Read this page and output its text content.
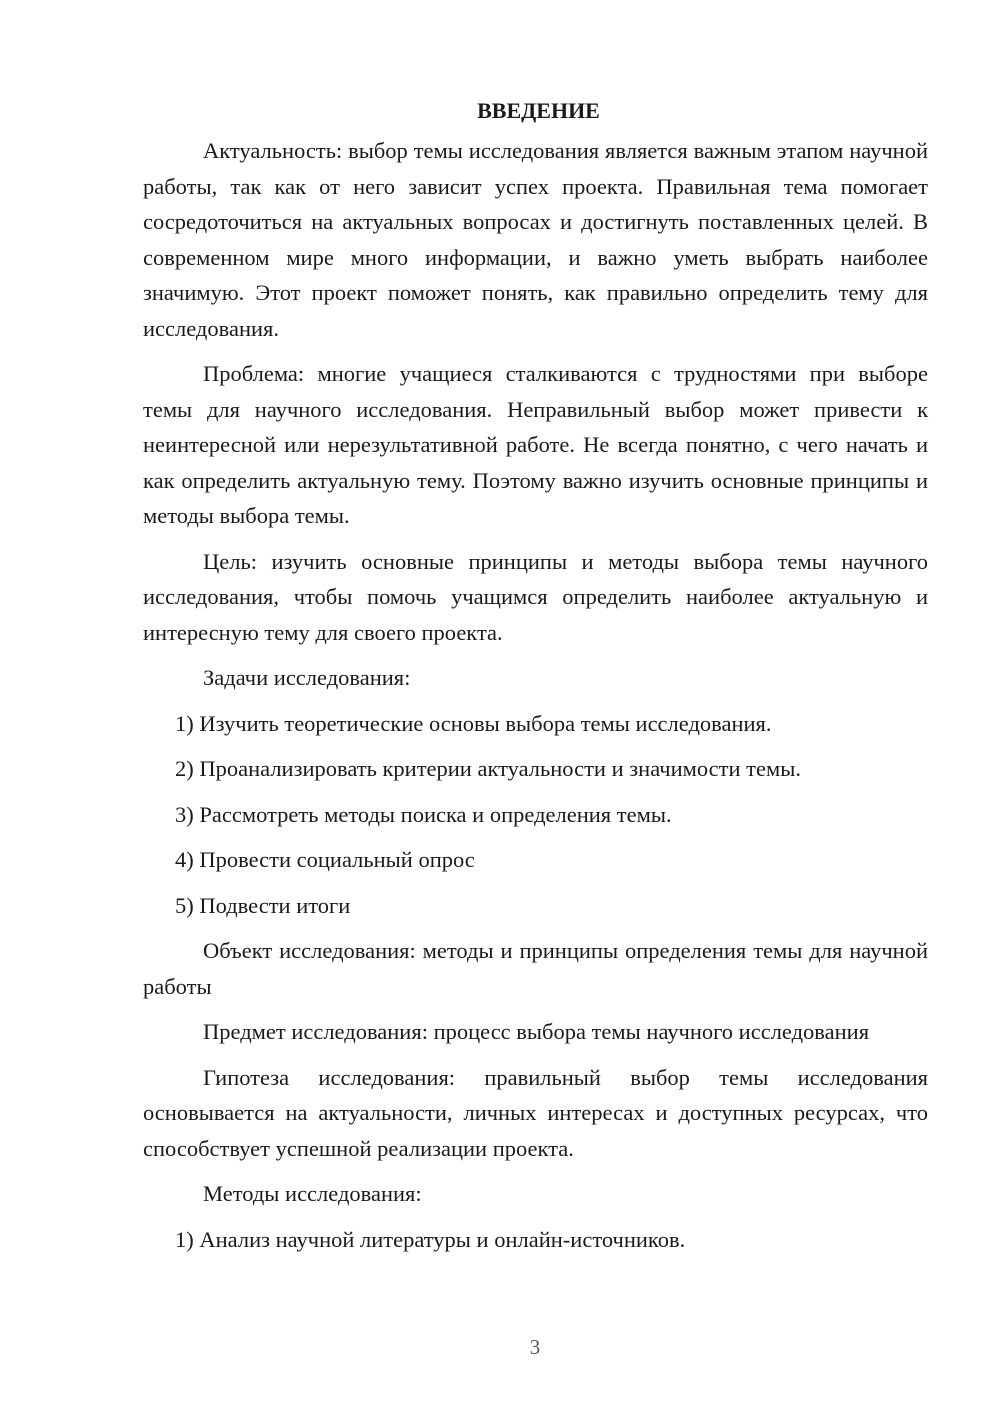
ВВЕДЕНИЕ

Актуальность: выбор темы исследования является важным этапом научной работы, так как от него зависит успех проекта. Правильная тема помогает сосредоточиться на актуальных вопросах и достигнуть поставленных целей. В современном мире много информации, и важно уметь выбрать наиболее значимую. Этот проект поможет понять, как правильно определить тему для исследования.

Проблема: многие учащиеся сталкиваются с трудностями при выборе темы для научного исследования. Неправильный выбор может привести к неинтересной или нерезультативной работе. Не всегда понятно, с чего начать и как определить актуальную тему. Поэтому важно изучить основные принципы и методы выбора темы.

Цель: изучить основные принципы и методы выбора темы научного исследования, чтобы помочь учащимся определить наиболее актуальную и интересную тему для своего проекта.

Задачи исследования:

1) Изучить теоретические основы выбора темы исследования.
2) Проанализировать критерии актуальности и значимости темы.
3) Рассмотреть методы поиска и определения темы.
4) Провести социальный опрос
5) Подвести итоги

Объект исследования: методы и принципы определения темы для научной работы

Предмет исследования: процесс выбора темы научного исследования

Гипотеза исследования: правильный выбор темы исследования основывается на актуальности, личных интересах и доступных ресурсах, что способствует успешной реализации проекта.

Методы исследования:

1) Анализ научной литературы и онлайн-источников.
3
